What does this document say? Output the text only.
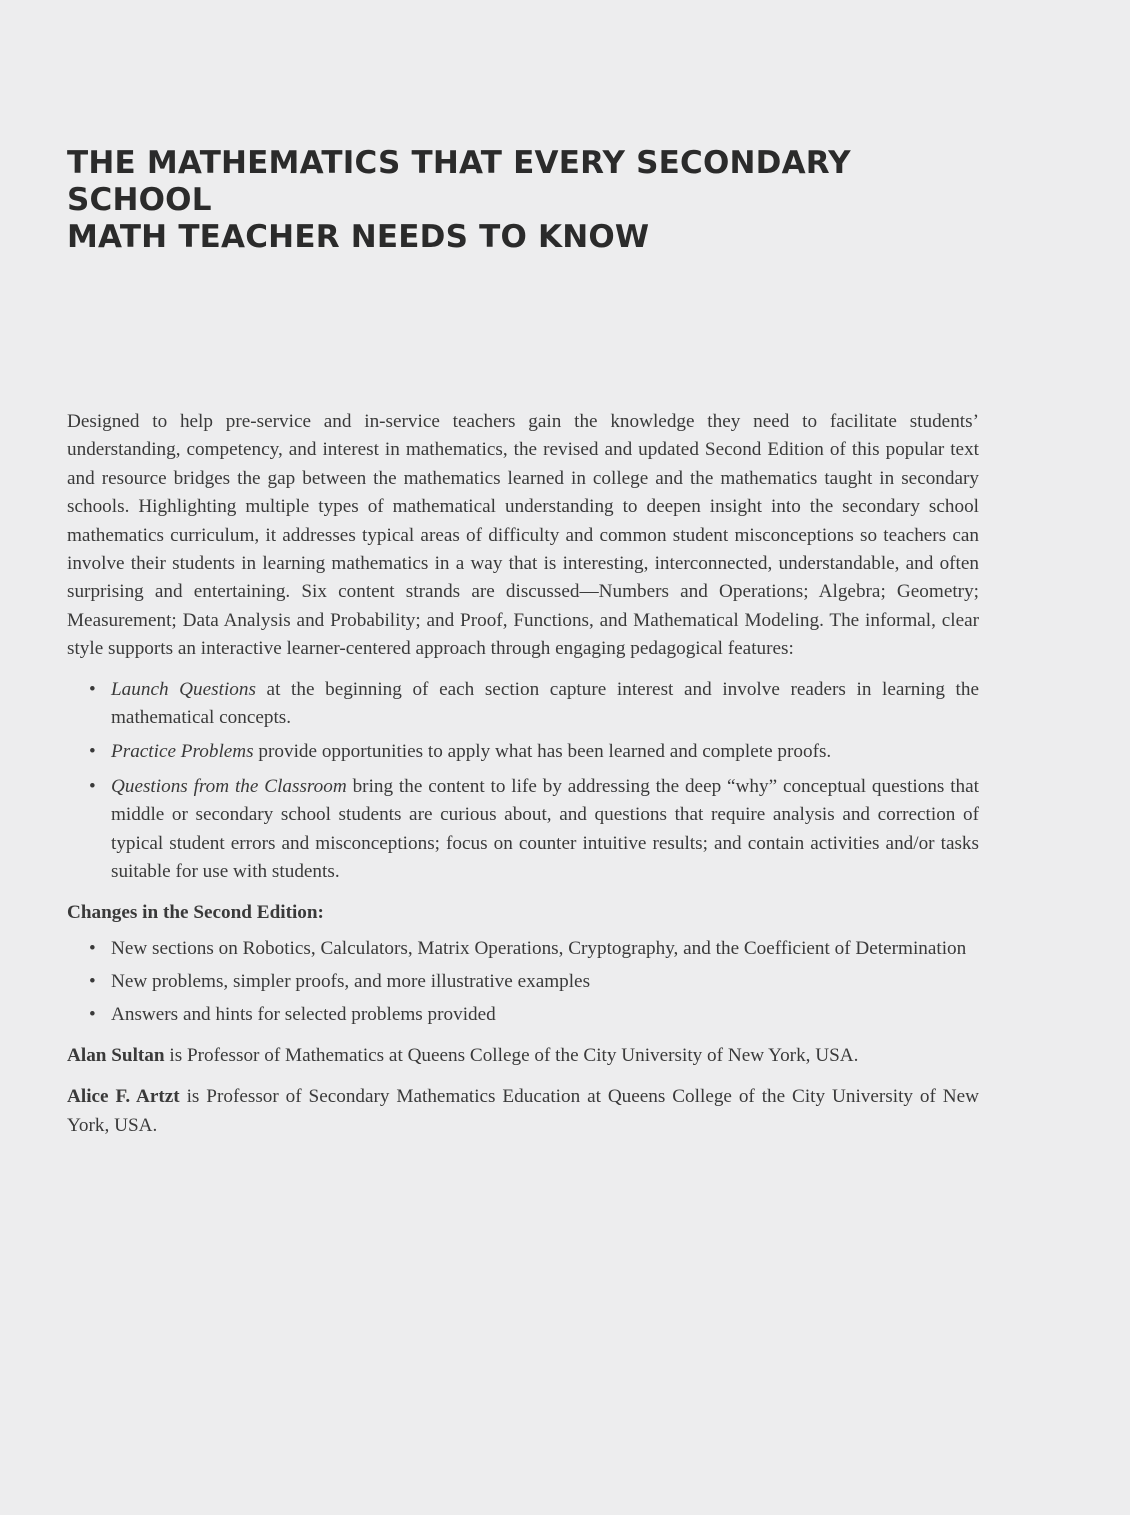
THE MATHEMATICS THAT EVERY SECONDARY SCHOOL
MATH TEACHER NEEDS TO KNOW

Designed to help pre-service and in-service teachers gain the knowledge they need to facilitate students’ understanding, competency, and interest in mathematics, the revised and updated Second Edition of this popular text and resource bridges the gap between the mathematics learned in college and the mathematics taught in secondary schools. Highlighting multiple types of mathematical understanding to deepen insight into the secondary school mathematics curriculum, it addresses typical areas of difficulty and common student misconceptions so teachers can involve their students in learning mathematics in a way that is interesting, interconnected, understandable, and often surprising and entertaining. Six content strands are discussed—Numbers and Operations; Algebra; Geometry; Measurement; Data Analysis and Probability; and Proof, Functions, and Mathematical Modeling. The informal, clear style supports an interactive learner-centered approach through engaging pedagogical features:

• Launch Questions at the beginning of each section capture interest and involve readers in learning the mathematical concepts.
• Practice Problems provide opportunities to apply what has been learned and complete proofs.
• Questions from the Classroom bring the content to life by addressing the deep “why” conceptual questions that middle or secondary school students are curious about, and questions that require analysis and correction of typical student errors and misconceptions; focus on counter intuitive results; and contain activities and/or tasks suitable for use with students.

Changes in the Second Edition:

• New sections on Robotics, Calculators, Matrix Operations, Cryptography, and the Coefficient of Determination
• New problems, simpler proofs, and more illustrative examples
• Answers and hints for selected problems provided

Alan Sultan is Professor of Mathematics at Queens College of the City University of New York, USA.

Alice F. Artzt is Professor of Secondary Mathematics Education at Queens College of the City University of New York, USA.
